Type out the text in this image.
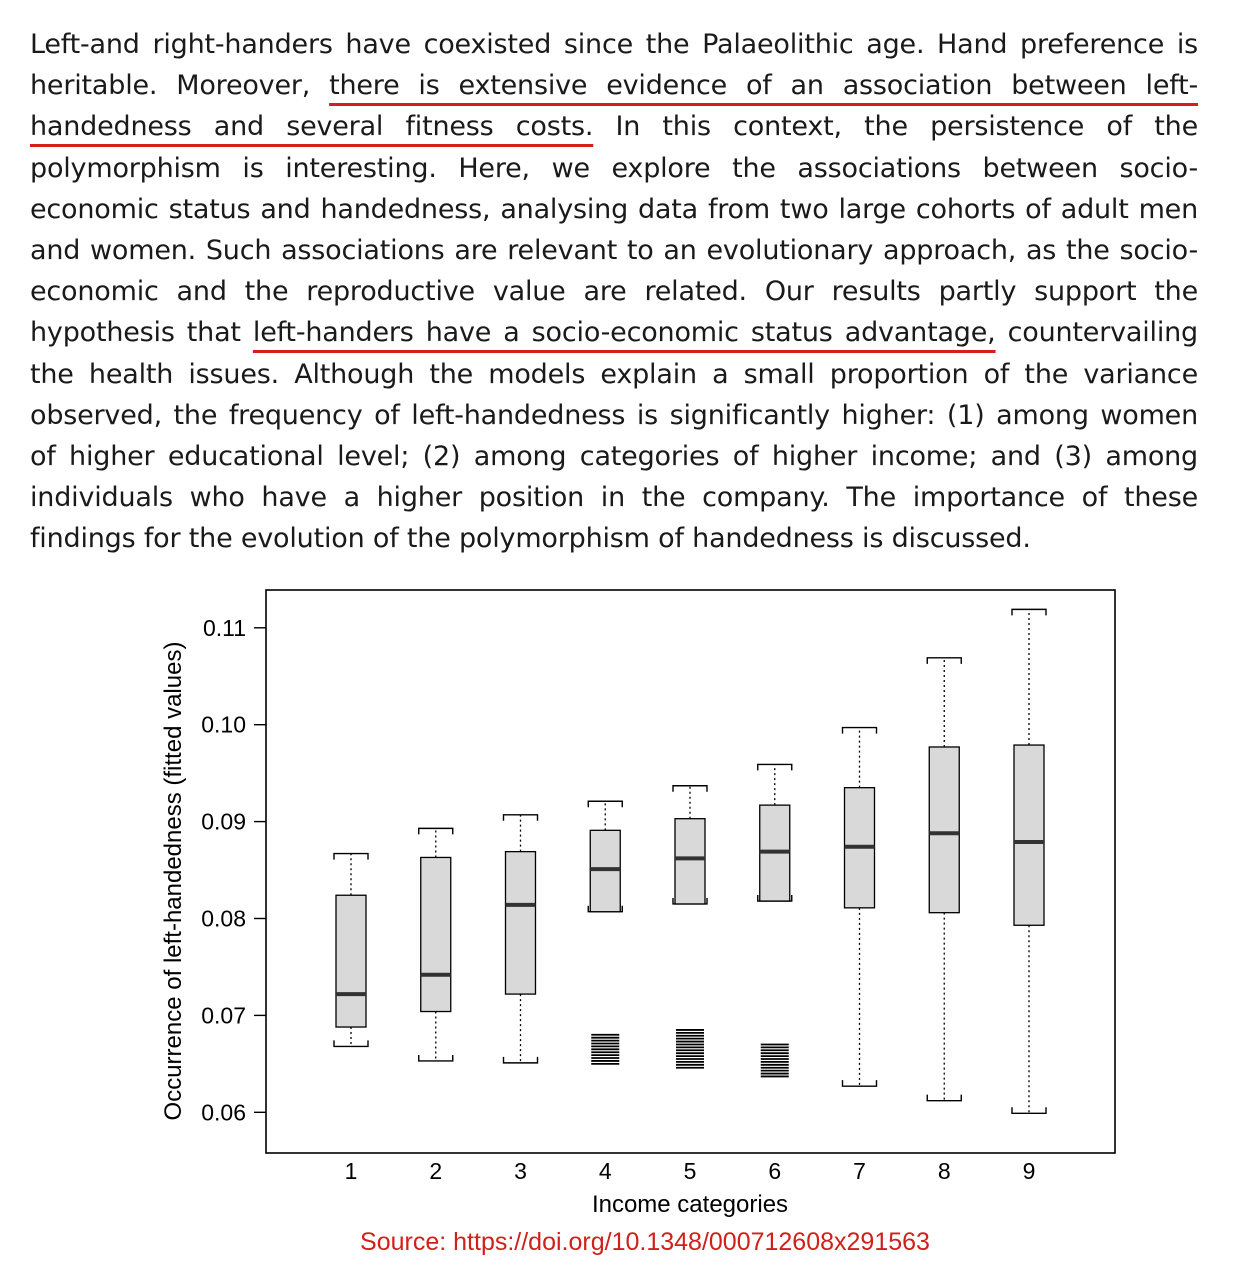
Left-and right-handers have coexisted since the Palaeolithic age. Hand preference is heritable. Moreover, there is extensive evidence of an association between left-handedness and several fitness costs. In this context, the persistence of the polymorphism is interesting. Here, we explore the associations between socio-economic status and handedness, analysing data from two large cohorts of adult men and women. Such associations are relevant to an evolutionary approach, as the socio-economic and the reproductive value are related. Our results partly support the hypothesis that left-handers have a socio-economic status advantage, countervailing the health issues. Although the models explain a small proportion of the variance observed, the frequency of left-handedness is significantly higher: (1) among women of higher educational level; (2) among categories of higher income; and (3) among individuals who have a higher position in the company. The importance of these findings for the evolution of the polymorphism of handedness is discussed.

0.06
0.07
0.08
0.09
0.10
0.11
1	2	3	4	5	6	7	8	9
Income categories
Occurrence of left-handedness (fitted values)
Source: https://doi.org/10.1348/000712608x291563
